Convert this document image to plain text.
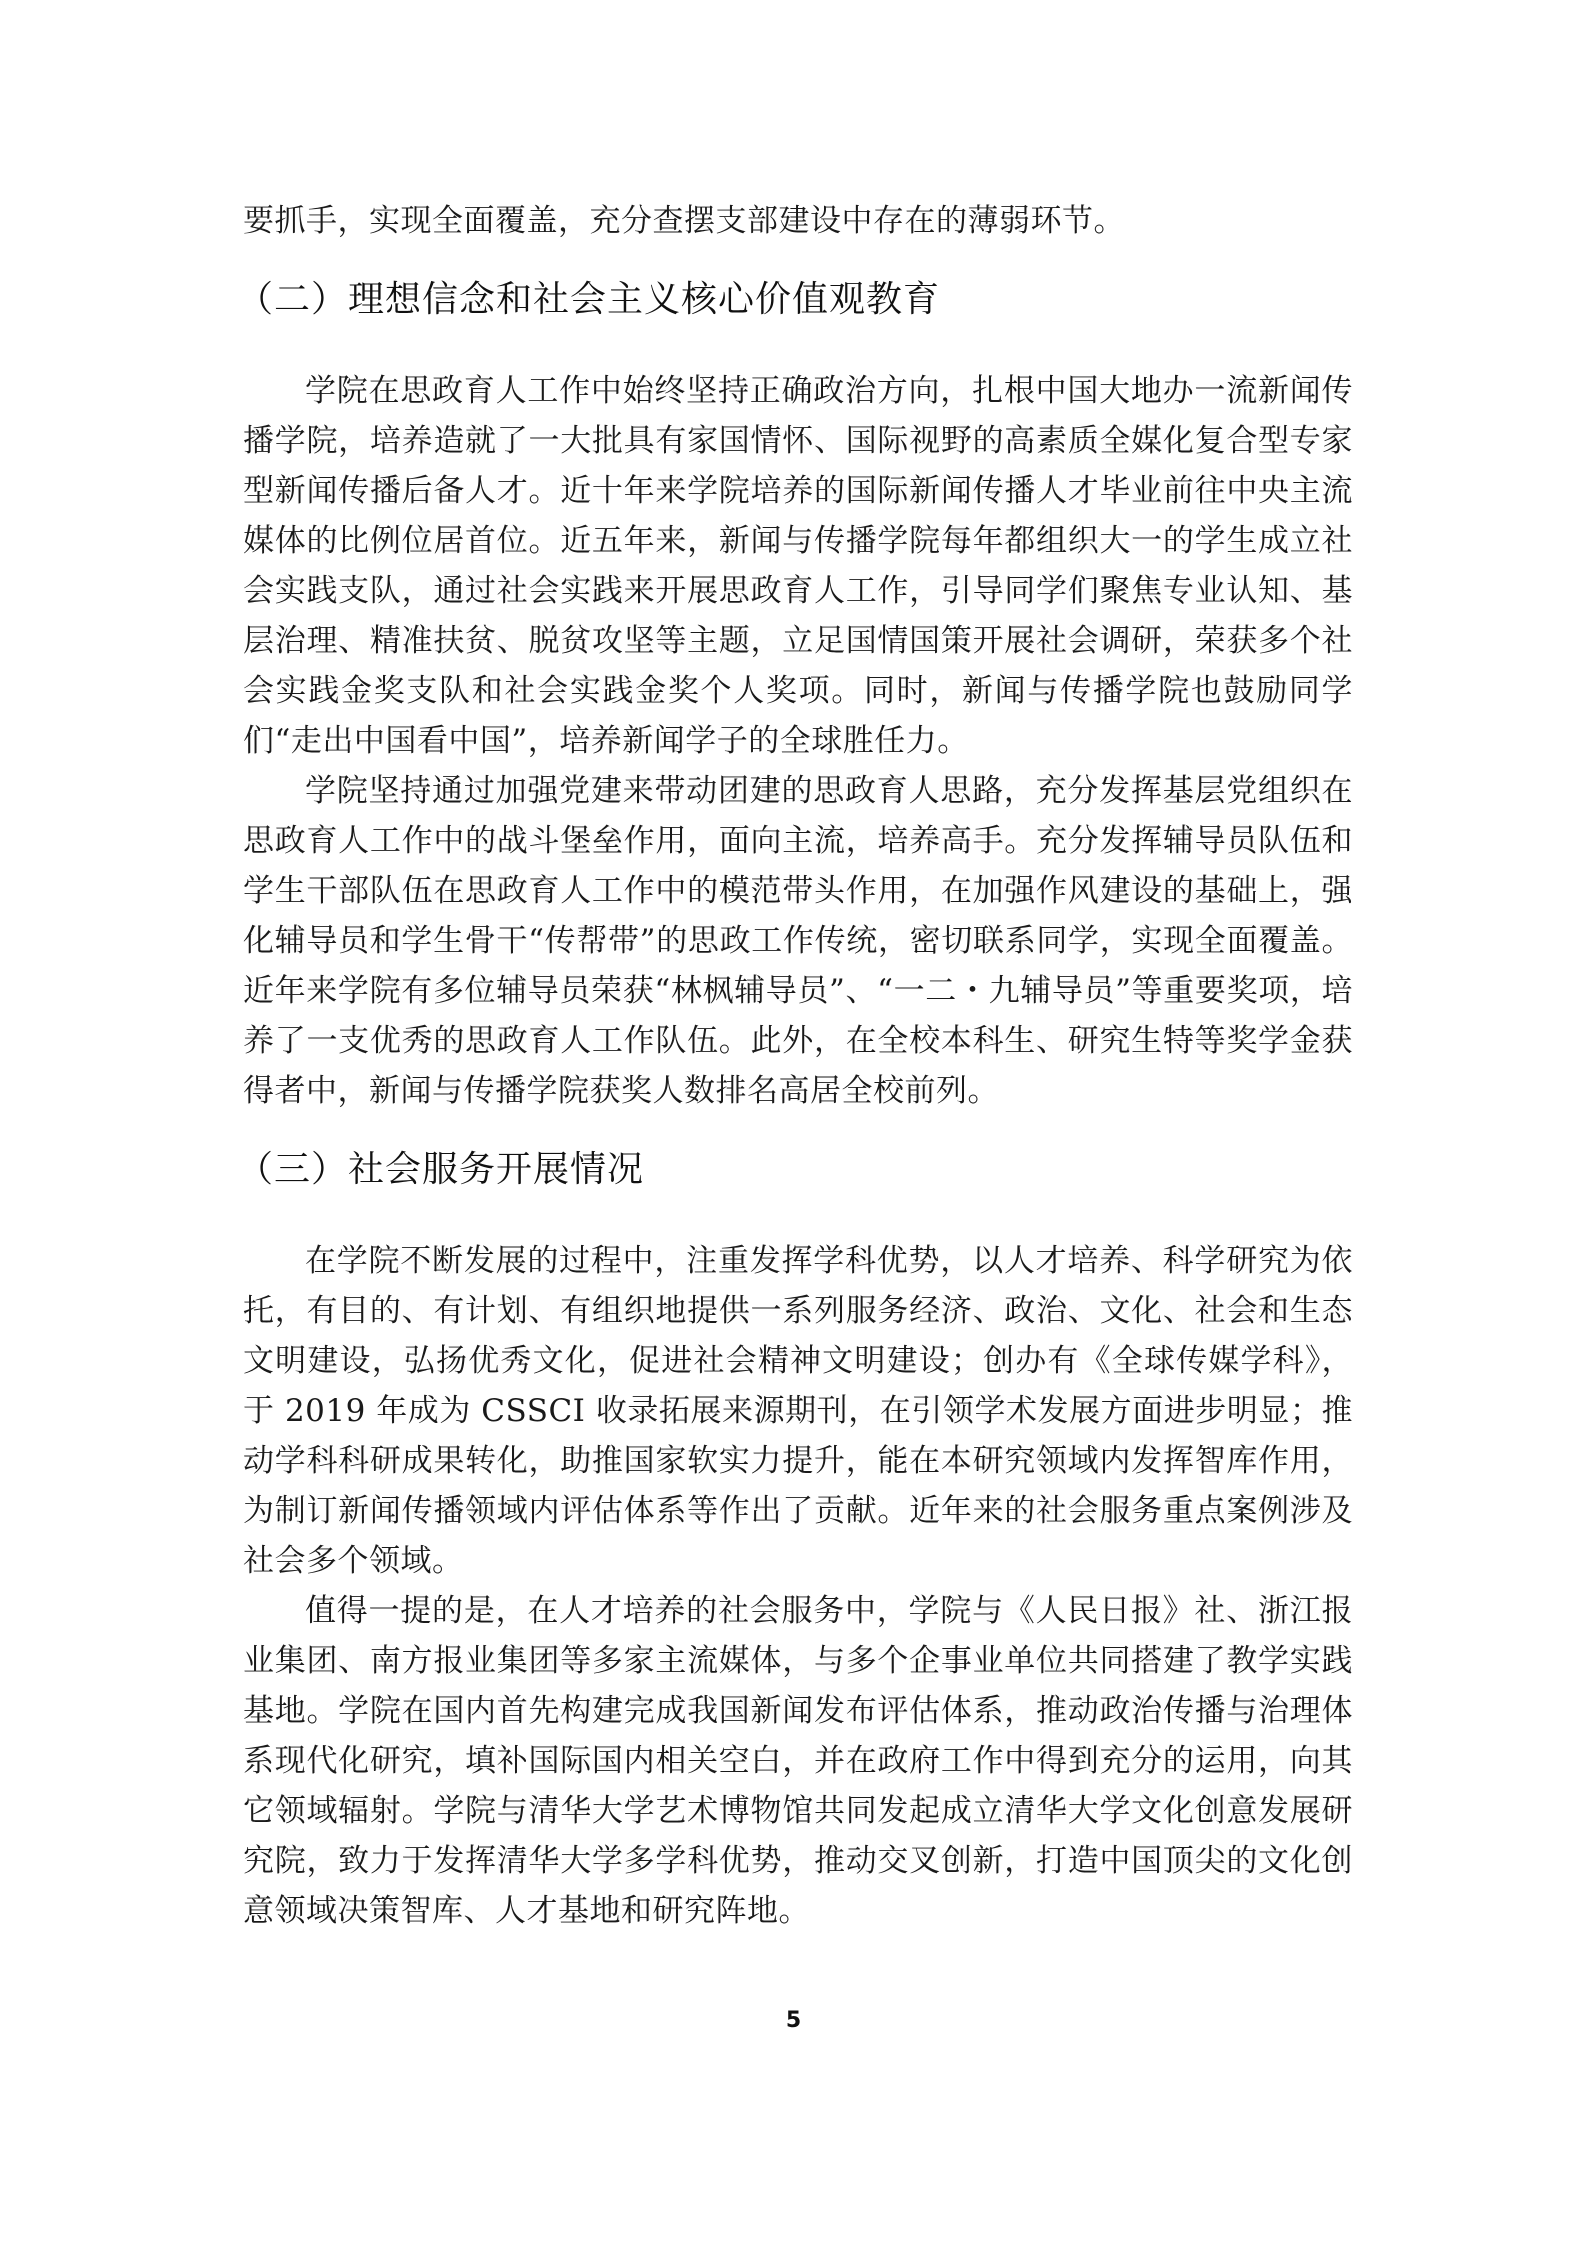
要抓手，实现全面覆盖，充分查摆支部建设中存在的薄弱环节。

（二）理想信念和社会主义核心价值观教育

学院在思政育人工作中始终坚持正确政治方向，扎根中国大地办一流新闻传播学院，培养造就了一大批具有家国情怀、国际视野的高素质全媒化复合型专家型新闻传播后备人才。近十年来学院培养的国际新闻传播人才毕业前往中央主流媒体的比例位居首位。近五年来，新闻与传播学院每年都组织大一的学生成立社会实践支队，通过社会实践来开展思政育人工作，引导同学们聚焦专业认知、基层治理、精准扶贫、脱贫攻坚等主题，立足国情国策开展社会调研，荣获多个社会实践金奖支队和社会实践金奖个人奖项。同时，新闻与传播学院也鼓励同学们“走出中国看中国”，培养新闻学子的全球胜任力。

学院坚持通过加强党建来带动团建的思政育人思路，充分发挥基层党组织在思政育人工作中的战斗堡垒作用，面向主流，培养高手。充分发挥辅导员队伍和学生干部队伍在思政育人工作中的模范带头作用，在加强作风建设的基础上，强化辅导员和学生骨干“传帮带”的思政工作传统，密切联系同学，实现全面覆盖。近年来学院有多位辅导员荣获“林枫辅导员”、“一二・九辅导员”等重要奖项，培养了一支优秀的思政育人工作队伍。此外，在全校本科生、研究生特等奖学金获得者中，新闻与传播学院获奖人数排名高居全校前列。

（三）社会服务开展情况

在学院不断发展的过程中，注重发挥学科优势，以人才培养、科学研究为依托，有目的、有计划、有组织地提供一系列服务经济、政治、文化、社会和生态文明建设，弘扬优秀文化，促进社会精神文明建设；创办有《全球传媒学科》，于 2019 年成为 CSSCI 收录拓展来源期刊，在引领学术发展方面进步明显；推动学科科研成果转化，助推国家软实力提升，能在本研究领域内发挥智库作用，为制订新闻传播领域内评估体系等作出了贡献。近年来的社会服务重点案例涉及社会多个领域。

值得一提的是，在人才培养的社会服务中，学院与《人民日报》社、浙江报业集团、南方报业集团等多家主流媒体，与多个企事业单位共同搭建了教学实践基地。学院在国内首先构建完成我国新闻发布评估体系，推动政治传播与治理体系现代化研究，填补国际国内相关空白，并在政府工作中得到充分的运用，向其它领域辐射。学院与清华大学艺术博物馆共同发起成立清华大学文化创意发展研究院，致力于发挥清华大学多学科优势，推动交叉创新，打造中国顶尖的文化创意领域决策智库、人才基地和研究阵地。

5
